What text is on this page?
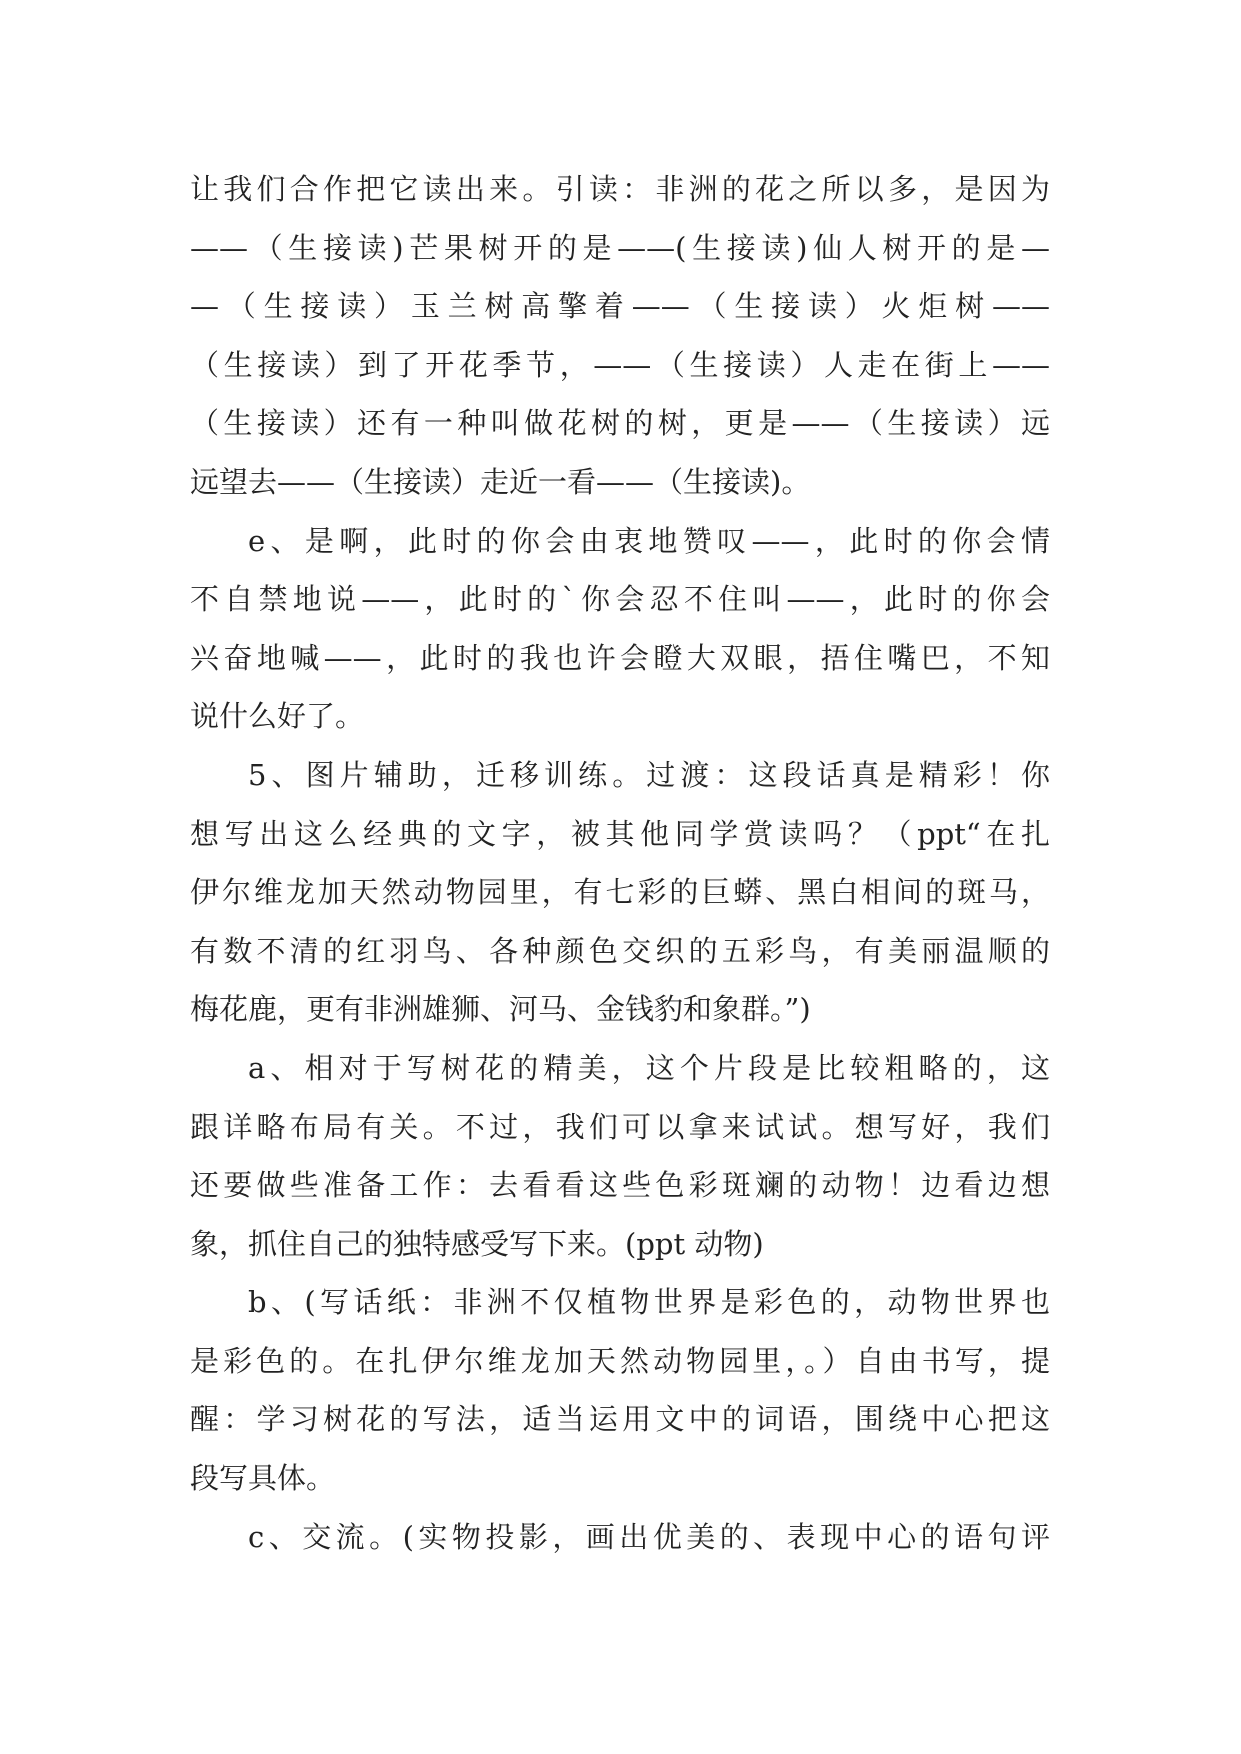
让我们合作把它读出来。引读：非洲的花之所以多，是因为
——（生接读)芒果树开的是——(生接读)仙人树开的是—
—（生接读）玉兰树高擎着——（生接读）火炬树——
（生接读）到了开花季节，——（生接读）人走在街上——
（生接读）还有一种叫做花树的树，更是——（生接读）远
远望去——（生接读）走近一看——（生接读)。
e、是啊，此时的你会由衷地赞叹——，此时的你会情
不自禁地说——，此时的`你会忍不住叫——，此时的你会
兴奋地喊——，此时的我也许会瞪大双眼，捂住嘴巴，不知
说什么好了。
5、图片辅助，迁移训练。过渡：这段话真是精彩！你
想写出这么经典的文字，被其他同学赏读吗？（ppt“在扎
伊尔维龙加天然动物园里，有七彩的巨蟒、黑白相间的斑马，
有数不清的红羽鸟、各种颜色交织的五彩鸟，有美丽温顺的
梅花鹿，更有非洲雄狮、河马、金钱豹和象群。”)
a、相对于写树花的精美，这个片段是比较粗略的，这
跟详略布局有关。不过，我们可以拿来试试。想写好，我们
还要做些准备工作：去看看这些色彩斑斓的动物！边看边想
象，抓住自己的独特感受写下来。(ppt 动物)
b、(写话纸：非洲不仅植物世界是彩色的，动物世界也
是彩色的。在扎伊尔维龙加天然动物园里，。）自由书写，提
醒：学习树花的写法，适当运用文中的词语，围绕中心把这
段写具体。
c、交流。(实物投影，画出优美的、表现中心的语句评
